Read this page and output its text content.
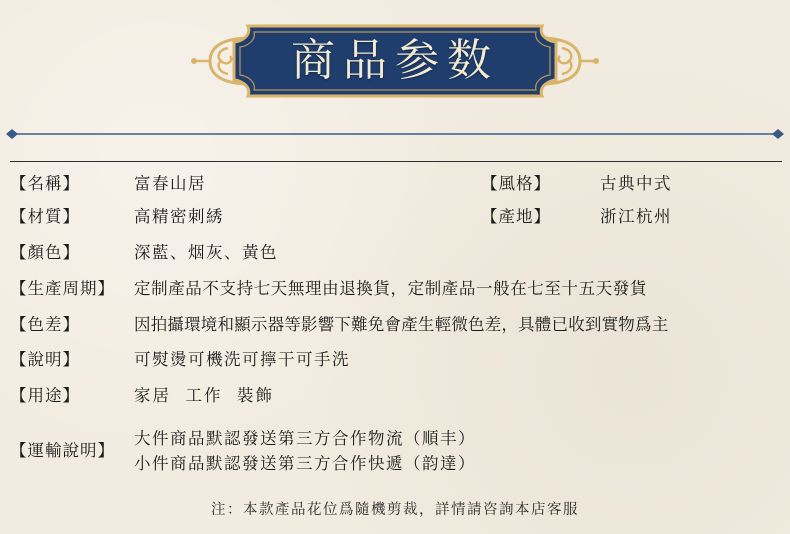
商品参数
【名稱】	富春山居	【風格】	古典中式
【材質】	高精密刺綉	【產地】	浙江杭州
【顏色】	深藍、烟灰、黃色
【生產周期】 定制產品不支持七天無理由退換貨，定制產品一般在七至十五天發貨
【色差】	因拍攝環境和顯示器等影響下難免會產生輕微色差，具體已收到實物爲主
【說明】	可熨燙可機洗可擰干可手洗
【用途】	家居  工作  裝飾
【運輸說明】
大件商品默認發送第三方合作物流（順丰）
小件商品默認發送第三方合作快遞（韵達）
注：本款產品花位爲隨機剪裁，詳情請咨詢本店客服
